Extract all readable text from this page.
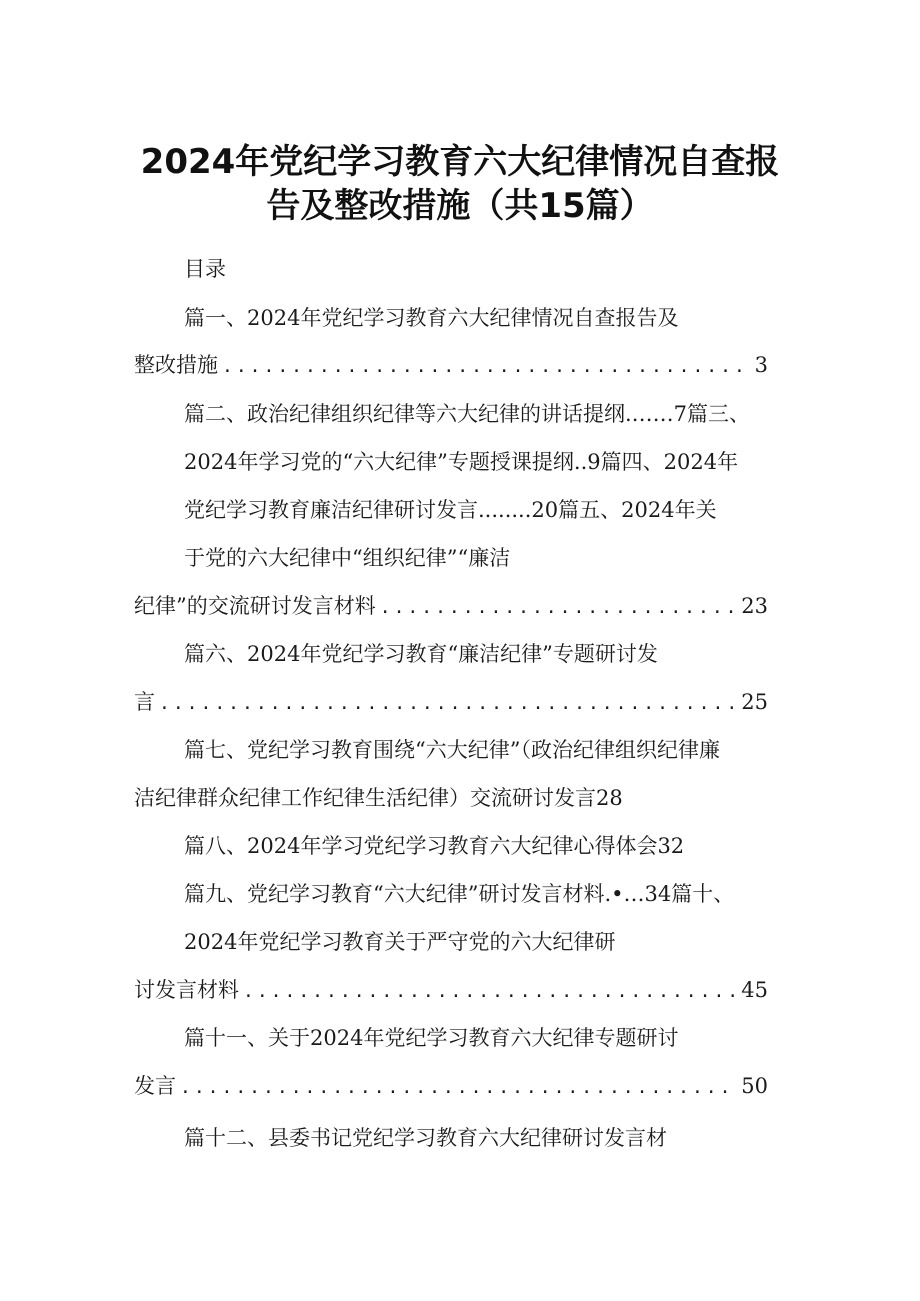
2024年党纪学习教育六大纪律情况自查报
告及整改措施（共15篇）
目录
篇一、2024年党纪学习教育六大纪律情况自查报告及
整改措施 .....	3
篇二、政治纪律组织纪律等六大纪律的讲话提纲.……7篇三、
2024年学习党的“六大纪律”专题授课提纲..9篇四、2024年
党纪学习教育廉洁纪律研讨发言........20篇五、2024年关
于党的六大纪律中“组织纪律”“廉洁
纪律”的交流研讨发言材料 .....	23
篇六、2024年党纪学习教育“廉洁纪律”专题研讨发
言 .....	25
篇七、党纪学习教育围绕“六大纪律”（政治纪律组织纪律廉
洁纪律群众纪律工作纪律生活纪律）交流研讨发言28
篇八、2024年学习党纪学习教育六大纪律心得体会32
篇九、党纪学习教育“六大纪律”研讨发言材料.•…34篇十、
2024年党纪学习教育关于严守党的六大纪律研
讨发言材料 .....	45
篇十一、关于2024年党纪学习教育六大纪律专题研讨
发言 .....	50
篇十二、县委书记党纪学习教育六大纪律研讨发言材
